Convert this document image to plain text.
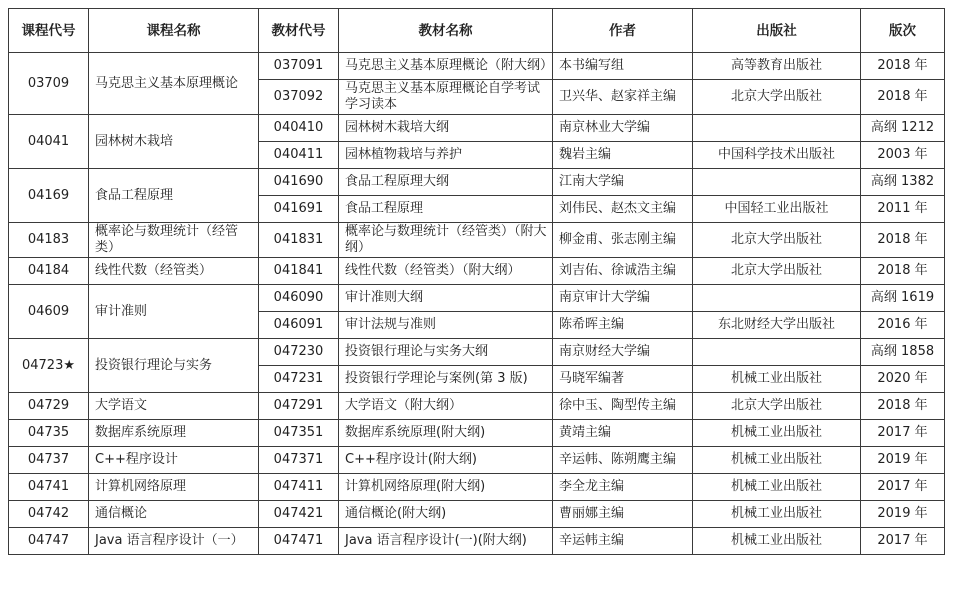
课程代号	课程名称	教材代号	教材名称	作者	出版社	版次
03709	马克思主义基本原理概论	037091	马克思主义基本原理概论（附大纲）	本书编写组	高等教育出版社	2018 年
		037092	马克思主义基本原理概论自学考试学习读本	卫兴华、赵家祥主编	北京大学出版社	2018 年
04041	园林树木栽培	040410	园林树木栽培大纲	南京林业大学编		高纲 1212
		040411	园林植物栽培与养护	魏岩主编	中国科学技术出版社	2003 年
04169	食品工程原理	041690	食品工程原理大纲	江南大学编		高纲 1382
		041691	食品工程原理	刘伟民、赵杰文主编	中国轻工业出版社	2011 年
04183	概率论与数理统计（经管类）	041831	概率论与数理统计（经管类）（附大纲）	柳金甫、张志刚主编	北京大学出版社	2018 年
04184	线性代数（经管类）	041841	线性代数（经管类）（附大纲）	刘吉佑、徐诚浩主编	北京大学出版社	2018 年
04609	审计准则	046090	审计准则大纲	南京审计大学编		高纲 1619
		046091	审计法规与准则	陈希晖主编	东北财经大学出版社	2016 年
04723★	投资银行理论与实务	047230	投资银行理论与实务大纲	南京财经大学编		高纲 1858
		047231	投资银行学理论与案例(第 3 版)	马晓军编著	机械工业出版社	2020 年
04729	大学语文	047291	大学语文（附大纲）	徐中玉、陶型传主编	北京大学出版社	2018 年
04735	数据库系统原理	047351	数据库系统原理(附大纲)	黄靖主编	机械工业出版社	2017 年
04737	C++程序设计	047371	C++程序设计(附大纲)	辛运帏、陈朔鹰主编	机械工业出版社	2019 年
04741	计算机网络原理	047411	计算机网络原理(附大纲)	李全龙主编	机械工业出版社	2017 年
04742	通信概论	047421	通信概论(附大纲)	曹丽娜主编	机械工业出版社	2019 年
04747	Java 语言程序设计（一）	047471	Java 语言程序设计(一)(附大纲)	辛运帏主编	机械工业出版社	2017 年
